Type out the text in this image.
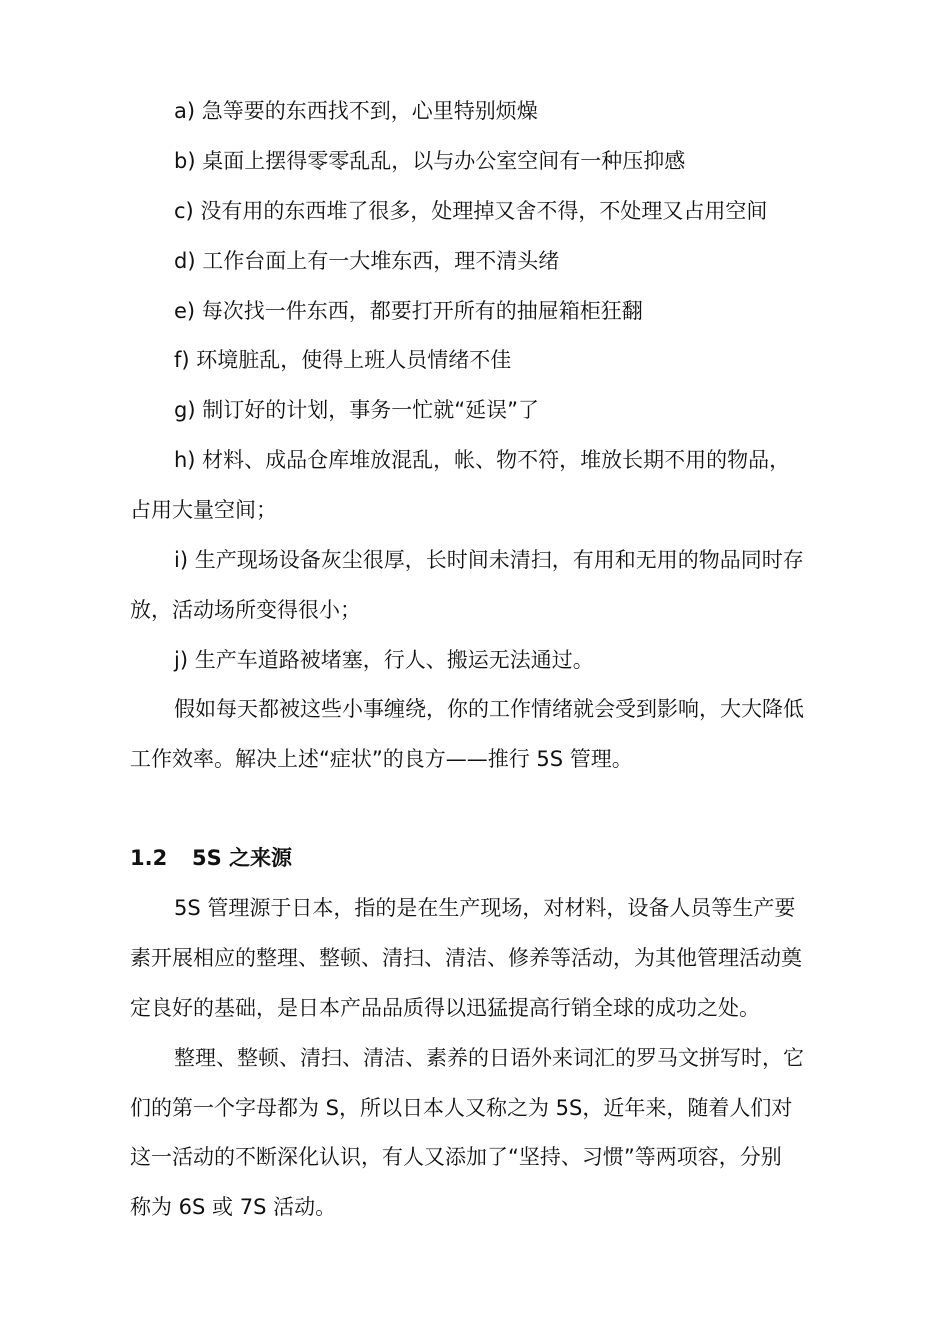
a) 急等要的东西找不到，心里特别烦燥
b) 桌面上摆得零零乱乱，以与办公室空间有一种压抑感
c) 没有用的东西堆了很多，处理掉又舍不得，不处理又占用空间
d) 工作台面上有一大堆东西，理不清头绪
e) 每次找一件东西，都要打开所有的抽屉箱柜狂翻
f) 环境脏乱，使得上班人员情绪不佳
g) 制订好的计划，事务一忙就“延误”了
h) 材料、成品仓库堆放混乱，帐、物不符，堆放长期不用的物品，
占用大量空间；
i) 生产现场设备灰尘很厚，长时间未清扫，有用和无用的物品同时存
放，活动场所变得很小；
j) 生产车道路被堵塞，行人、搬运无法通过。
假如每天都被这些小事缠绕，你的工作情绪就会受到影响，大大降低
工作效率。解决上述“症状”的良方——推行 5S 管理。
1.2 5S 之来源
5S 管理源于日本，指的是在生产现场，对材料，设备人员等生产要
素开展相应的整理、整顿、清扫、清洁、修养等活动，为其他管理活动奠
定良好的基础，是日本产品品质得以迅猛提高行销全球的成功之处。
整理、整顿、清扫、清洁、素养的日语外来词汇的罗马文拼写时，它
们的第一个字母都为 S，所以日本人又称之为 5S，近年来，随着人们对
这一活动的不断深化认识，有人又添加了“坚持、习惯”等两项容，分别
称为 6S 或 7S 活动。
